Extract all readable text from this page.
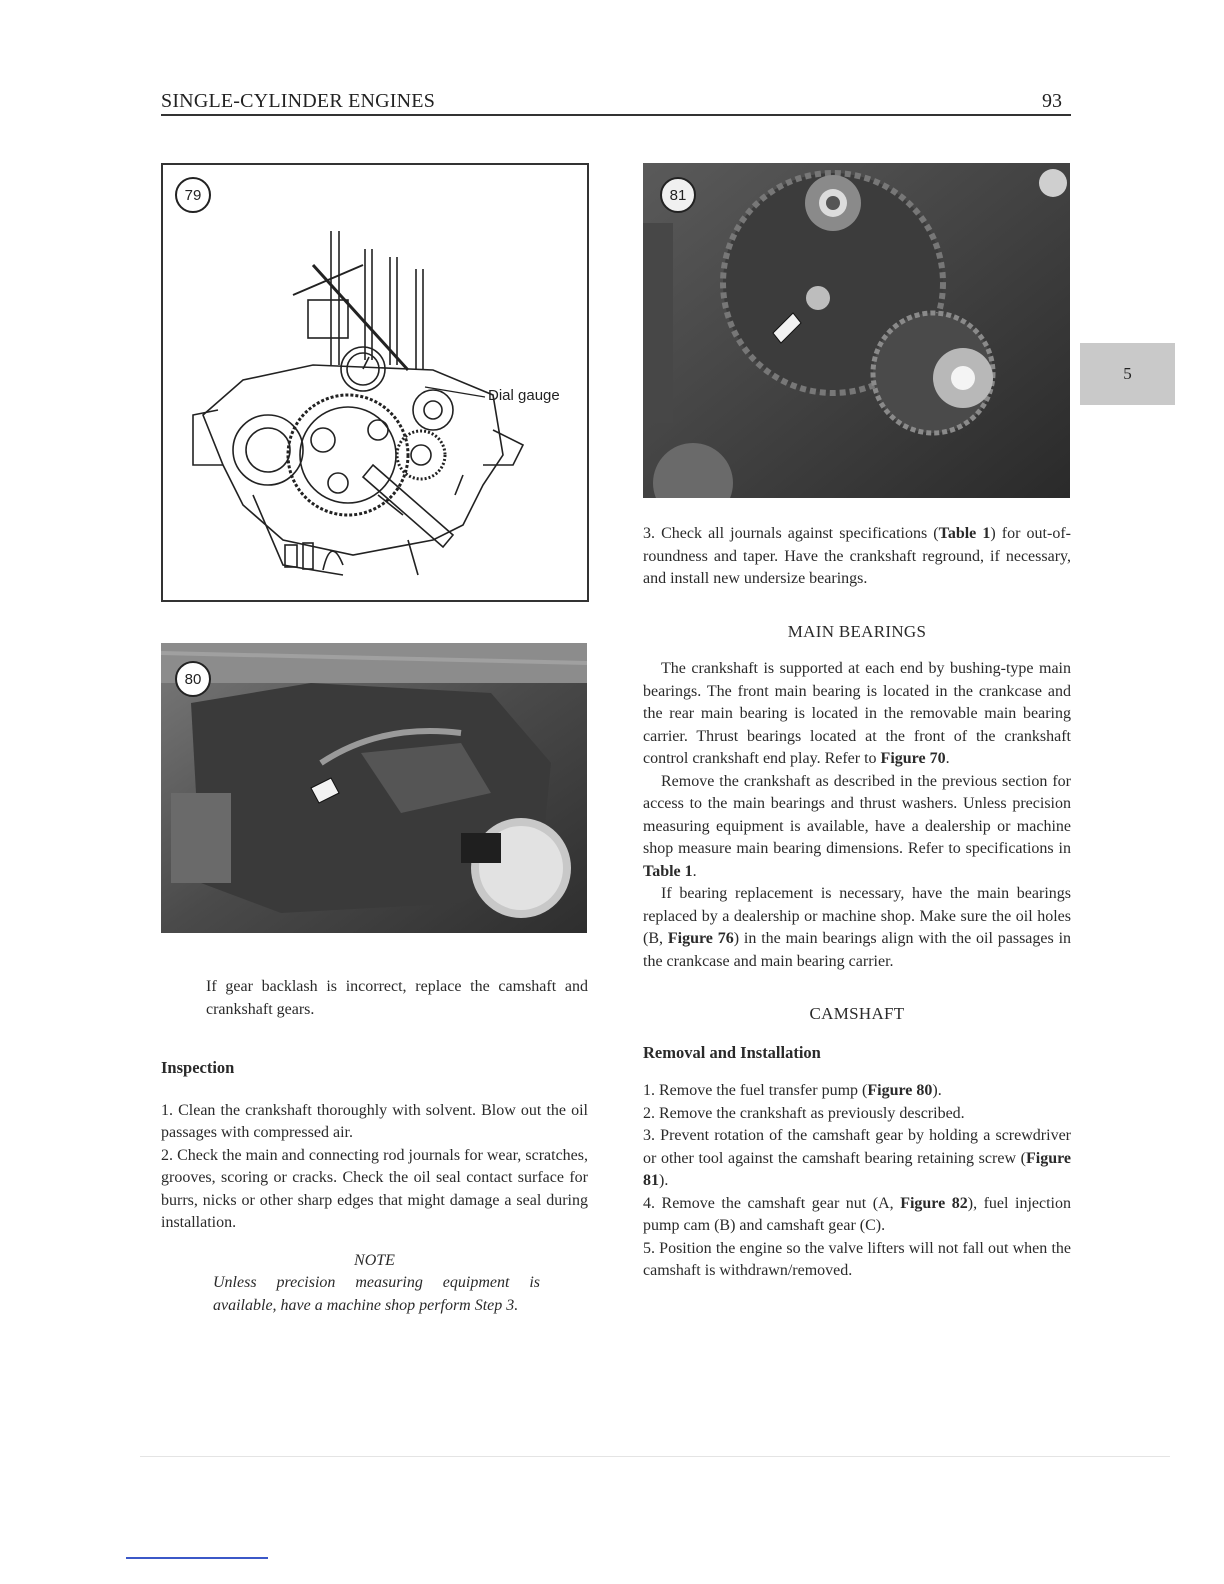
SINGLE-CYLINDER ENGINES	93
79
Dial gauge
80
81

If gear backlash is incorrect, replace the camshaft and crankshaft gears.

Inspection

1. Clean the crankshaft thoroughly with solvent. Blow out the oil passages with compressed air.

2. Check the main and connecting rod journals for wear, scratches, grooves, scoring or cracks. Check the oil seal contact surface for burrs, nicks or other sharp edges that might damage a seal during installation.

NOTE

Unless precision measuring equipment is available, have a machine shop perform Step 3.

3. Check all journals against specifications (Table 1) for out-of-roundness and taper. Have the crankshaft reground, if necessary, and install new undersize bearings.

MAIN BEARINGS

The crankshaft is supported at each end by bushing-type main bearings. The front main bearing is located in the crankcase and the rear main bearing is located in the removable main bearing carrier. Thrust bearings located at the front of the crankshaft control crankshaft end play. Refer to Figure 70.

Remove the crankshaft as described in the previous section for access to the main bearings and thrust washers. Unless precision measuring equipment is available, have a dealership or machine shop measure main bearing dimensions. Refer to specifications in Table 1.

If bearing replacement is necessary, have the main bearings replaced by a dealership or machine shop. Make sure the oil holes (B, Figure 76) in the main bearings align with the oil passages in the crankcase and main bearing carrier.

CAMSHAFT

Removal and Installation

1. Remove the fuel transfer pump (Figure 80).

2. Remove the crankshaft as previously described.

3. Prevent rotation of the camshaft gear by holding a screwdriver or other tool against the camshaft bearing retaining screw (Figure 81).

4. Remove the camshaft gear nut (A, Figure 82), fuel injection pump cam (B) and camshaft gear (C).

5. Position the engine so the valve lifters will not fall out when the camshaft is withdrawn/removed.

5
